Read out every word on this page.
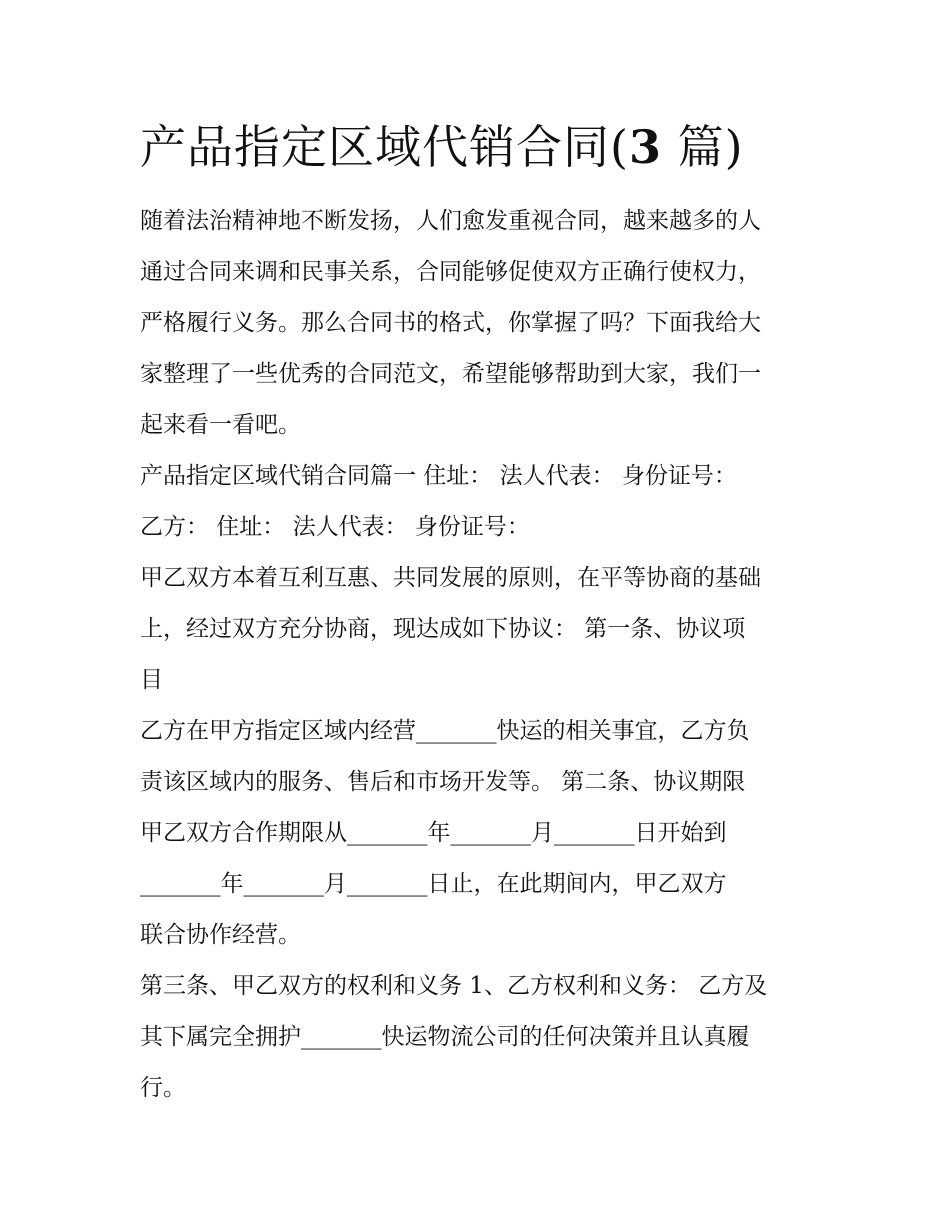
产品指定区域代销合同(3 篇)

随着法治精神地不断发扬，人们愈发重视合同，越来越多的人

通过合同来调和民事关系，合同能够促使双方正确行使权力，

严格履行义务。那么合同书的格式，你掌握了吗？下面我给大

家整理了一些优秀的合同范文，希望能够帮助到大家，我们一

起来看一看吧。

产品指定区域代销合同篇一 住址： 法人代表： 身份证号：

乙方： 住址： 法人代表： 身份证号：

甲乙双方本着互利互惠、共同发展的原则，在平等协商的基础

上，经过双方充分协商，现达成如下协议： 第一条、协议项

目

乙方在甲方指定区域内经营_______快运的相关事宜，乙方负

责该区域内的服务、售后和市场开发等。 第二条、协议期限

甲乙双方合作期限从_______年_______月_______日开始到

_______年_______月_______日止，在此期间内，甲乙双方

联合协作经营。

第三条、甲乙双方的权利和义务 1、乙方权利和义务： 乙方及

其下属完全拥护_______快运物流公司的任何决策并且认真履

行。
